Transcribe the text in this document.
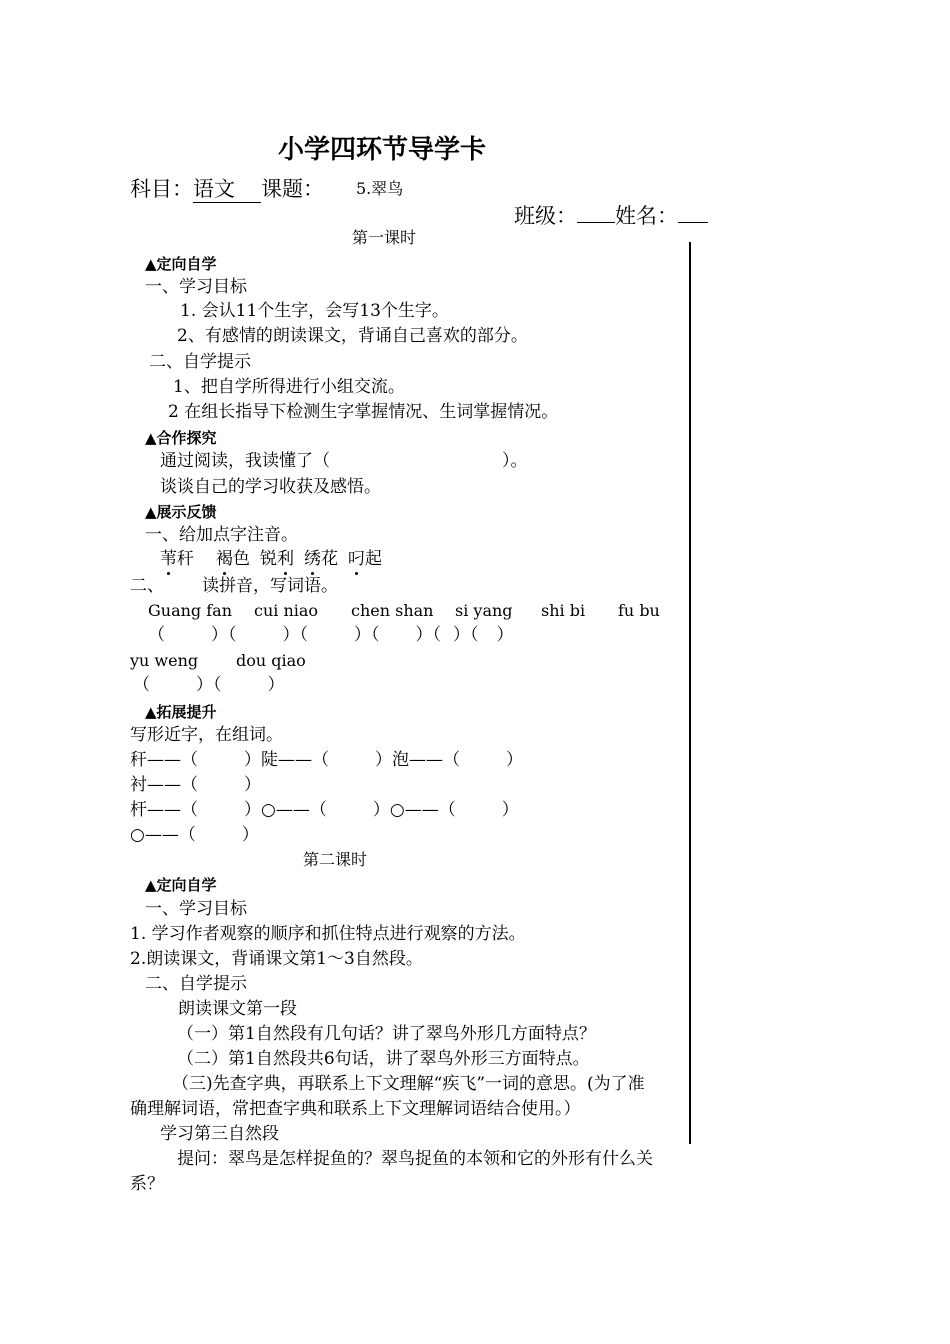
小学四环节导学卡
科目：语文 课题： 5.翠鸟
班级： 姓名：
第一课时
▲定向自学
一、学习目标
1. 会认11个生字，会写13个生字。
2、有感情的朗读课文，背诵自己喜欢的部分。
二、自学提示
1、把自学所得进行小组交流。
2 在组长指导下检测生字掌握情况、生词掌握情况。
▲合作探究
通过阅读，我读懂了（	）。
谈谈自己的学习收获及感悟。
▲展示反馈
一、给加点字注音。
苇秆 褐色 锐利 绣花 叼起
二、 读拼音，写词语。
Guang fan cui niao chen shan si yang shi bi fu bu
（	）（	）（	）（ ）（ ）（ ）
yu weng dou qiao
（	）（	）
▲拓展提升
写形近字，在组词。
秆——（	）陡——（	）泡——（	）
衬——（	）
杆——（	）○——（	）○——（	）
○——（	）
第二课时
▲定向自学
一、学习目标
1. 学习作者观察的顺序和抓住特点进行观察的方法。
2.朗读课文，背诵课文第1～3自然段。
二、自学提示
朗读课文第一段
（一）第1自然段有几句话？讲了翠鸟外形几方面特点？
（二）第1自然段共6句话，讲了翠鸟外形三方面特点。
（三)先查字典，再联系上下文理解“疾飞”一词的意思。(为了准
确理解词语，常把查字典和联系上下文理解词语结合使用。）
学习第三自然段
提问：翠鸟是怎样捉鱼的？翠鸟捉鱼的本领和它的外形有什么关
系？
